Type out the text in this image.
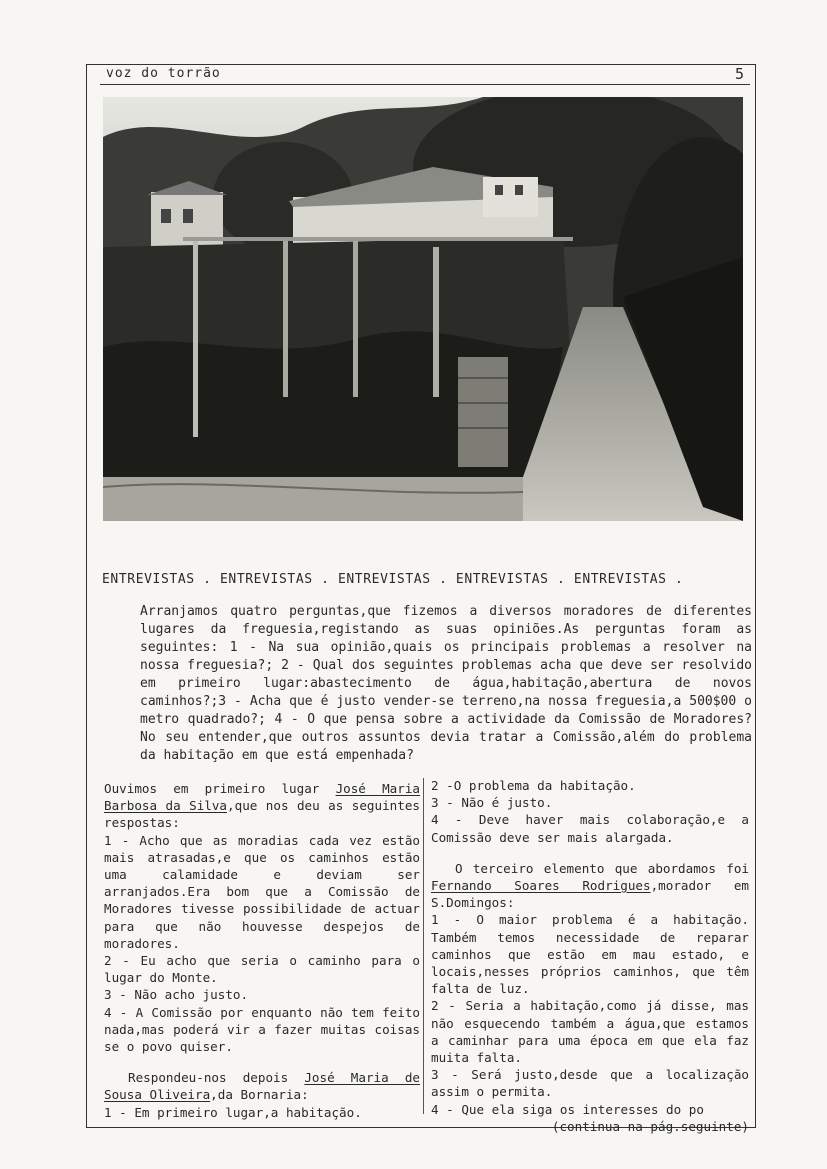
voz do torrão	5
ENTREVISTAS . ENTREVISTAS . ENTREVISTAS . ENTREVISTAS . ENTREVISTAS .

Arranjamos quatro perguntas,que fizemos a diversos moradores de diferentes lugares da freguesia,registando as suas opiniões.As perguntas foram as seguintes: 1 - Na sua opinião,quais os principais problemas a resolver na nossa freguesia?; 2 - Qual dos seguintes problemas acha que deve ser resolvido em primeiro lugar:abastecimento de água,habitação,abertura de novos caminhos?;3 - Acha que é justo vender-se terreno,na nossa freguesia,a 500$00 o metro quadrado?; 4 - O que pensa sobre a actividade da Comissão de Moradores?No seu entender,que outros assuntos devia tratar a Comissão,além do problema da habitação em que está empenhada?

Ouvimos em primeiro lugar José Maria Barbosa da Silva,que nos deu as seguintes respostas:

1 - Acho que as moradias cada vez estão mais atrasadas,e que os caminhos estão uma calamidade e deviam ser arranjados.Era bom que a Comissão de Moradores tivesse possibilidade de actuar para que não houvesse despejos de moradores.

2 - Eu acho que seria o caminho para o lugar do Monte.

3 - Não acho justo.

4 - A Comissão por enquanto não tem feito nada,mas poderá vir a fazer muitas coisas se o povo quiser.

Respondeu-nos depois José Maria de Sousa Oliveira,da Bornaria:

1 - Em primeiro lugar,a habitação.

2 -O problema da habitação.

3 - Não é justo.

4 - Deve haver mais colaboração,e a Comissão deve ser mais alargada.

O terceiro elemento que abordamos foi Fernando Soares Rodrigues,morador em S.Domingos:

1 - O maior problema é a habitação. Também temos necessidade de reparar caminhos que estão em mau estado, e locais,nesses próprios caminhos, que têm falta de luz.

2 - Seria a habitação,como já disse, mas não esquecendo também a água,que estamos a caminhar para uma época em que ela faz muita falta.

3 - Será justo,desde que a localização assim o permita.

4 - Que ela siga os interesses do po

(continua na pág.seguinte)
